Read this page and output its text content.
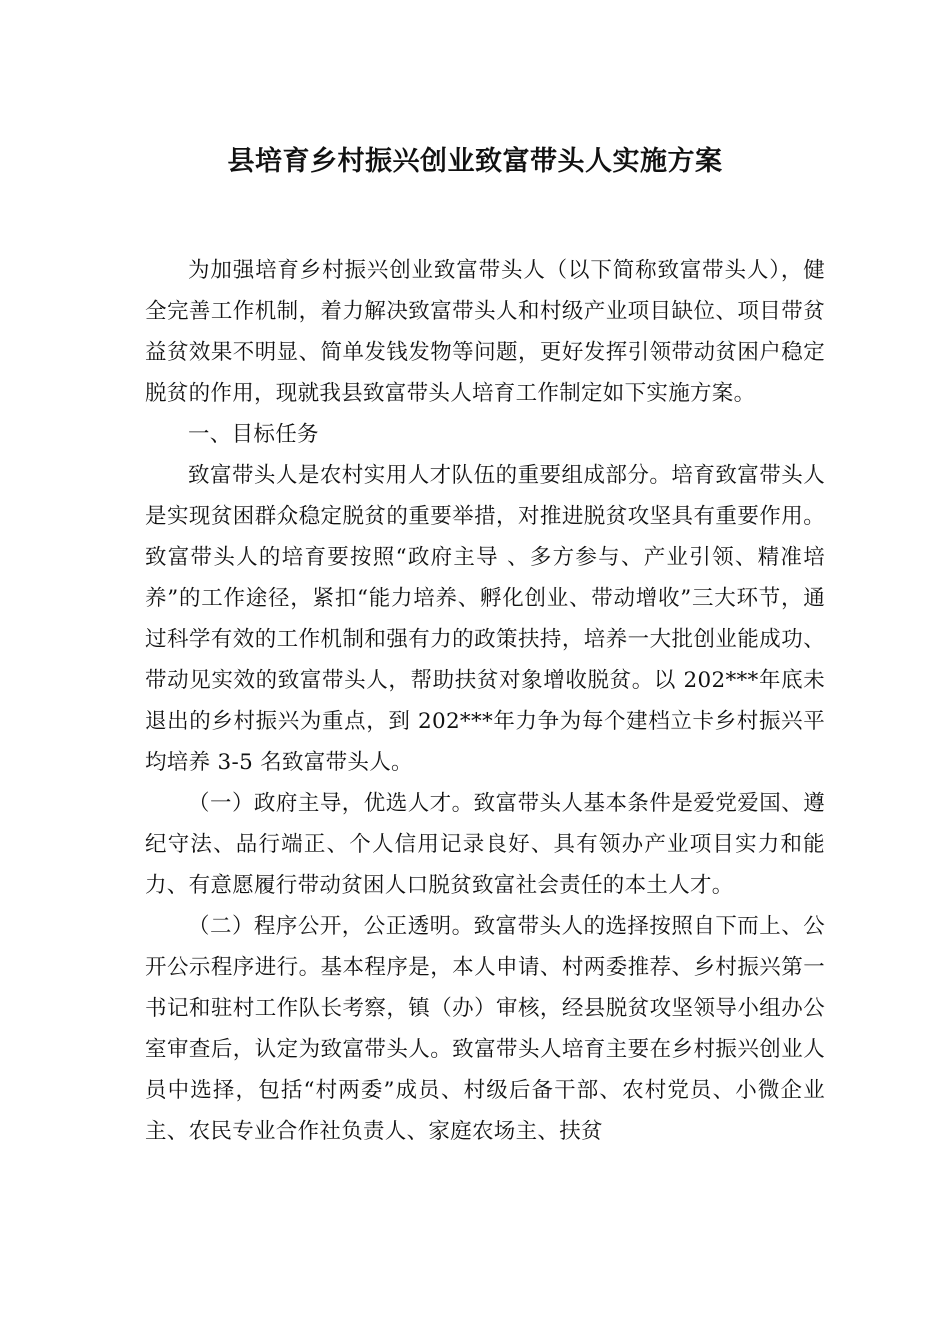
县培育乡村振兴创业致富带头人实施方案

为加强培育乡村振兴创业致富带头人（以下简称致富带头人），健全完善工作机制，着力解决致富带头人和村级产业项目缺位、项目带贫益贫效果不明显、简单发钱发物等问题，更好发挥引领带动贫困户稳定脱贫的作用，现就我县致富带头人培育工作制定如下实施方案。

一、目标任务

致富带头人是农村实用人才队伍的重要组成部分。培育致富带头人是实现贫困群众稳定脱贫的重要举措，对推进脱贫攻坚具有重要作用。致富带头人的培育要按照“政府主导 、多方参与、产业引领、精准培养”的工作途径，紧扣“能力培养、孵化创业、带动增收”三大环节，通过科学有效的工作机制和强有力的政策扶持，培养一大批创业能成功、带动见实效的致富带头人，帮助扶贫对象增收脱贫。以 202***年底未退出的乡村振兴为重点，到 202***年力争为每个建档立卡乡村振兴平均培养 3-5 名致富带头人。

（一）政府主导，优选人才。致富带头人基本条件是爱党爱国、遵纪守法、品行端正、个人信用记录良好、具有领办产业项目实力和能力、有意愿履行带动贫困人口脱贫致富社会责任的本土人才。

（二）程序公开，公正透明。致富带头人的选择按照自下而上、公开公示程序进行。基本程序是，本人申请、村两委推荐、乡村振兴第一书记和驻村工作队长考察，镇（办）审核，经县脱贫攻坚领导小组办公室审查后，认定为致富带头人。致富带头人培育主要在乡村振兴创业人员中选择，包括“村两委”成员、村级后备干部、农村党员、小微企业主、农民专业合作社负责人、家庭农场主、扶贫
